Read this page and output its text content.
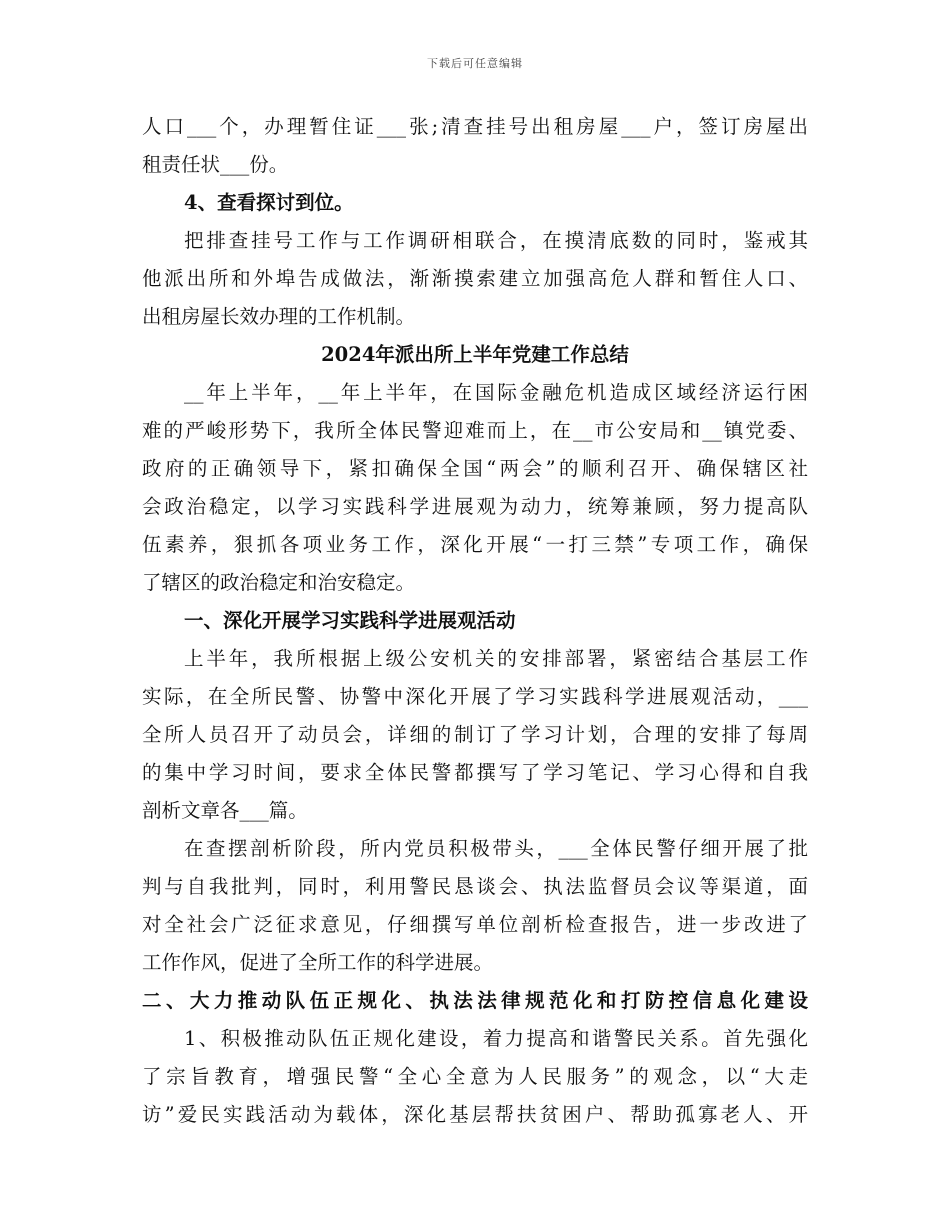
下载后可任意编辑
人口___个，办理暂住证___张;清查挂号出租房屋___户，签订房屋出
租责任状___份。
4、查看探讨到位。
把排查挂号工作与工作调研相联合，在摸清底数的同时，鉴戒其
他派出所和外埠告成做法，渐渐摸索建立加强高危人群和暂住人口、
出租房屋长效办理的工作机制。
2024年派出所上半年党建工作总结
__年上半年，__年上半年，在国际金融危机造成区域经济运行困
难的严峻形势下，我所全体民警迎难而上，在__市公安局和__镇党委、
政府的正确领导下，紧扣确保全国“两会”的顺利召开、确保辖区社
会政治稳定，以学习实践科学进展观为动力，统筹兼顾，努力提高队
伍素养，狠抓各项业务工作，深化开展“一打三禁”专项工作，确保
了辖区的政治稳定和治安稳定。
一、深化开展学习实践科学进展观活动
上半年，我所根据上级公安机关的安排部署，紧密结合基层工作
实际，在全所民警、协警中深化开展了学习实践科学进展观活动，___
全所人员召开了动员会，详细的制订了学习计划，合理的安排了每周
的集中学习时间，要求全体民警都撰写了学习笔记、学习心得和自我
剖析文章各___篇。
在查摆剖析阶段，所内党员积极带头，___全体民警仔细开展了批
判与自我批判，同时，利用警民恳谈会、执法监督员会议等渠道，面
对全社会广泛征求意见，仔细撰写单位剖析检查报告，进一步改进了
工作作风，促进了全所工作的科学进展。
二、大力推动队伍正规化、执法法律规范化和打防控信息化建设
1、积极推动队伍正规化建设，着力提高和谐警民关系。首先强化
了宗旨教育，增强民警“全心全意为人民服务”的观念，以“大走
访”爱民实践活动为载体，深化基层帮扶贫困户、帮助孤寡老人、开
